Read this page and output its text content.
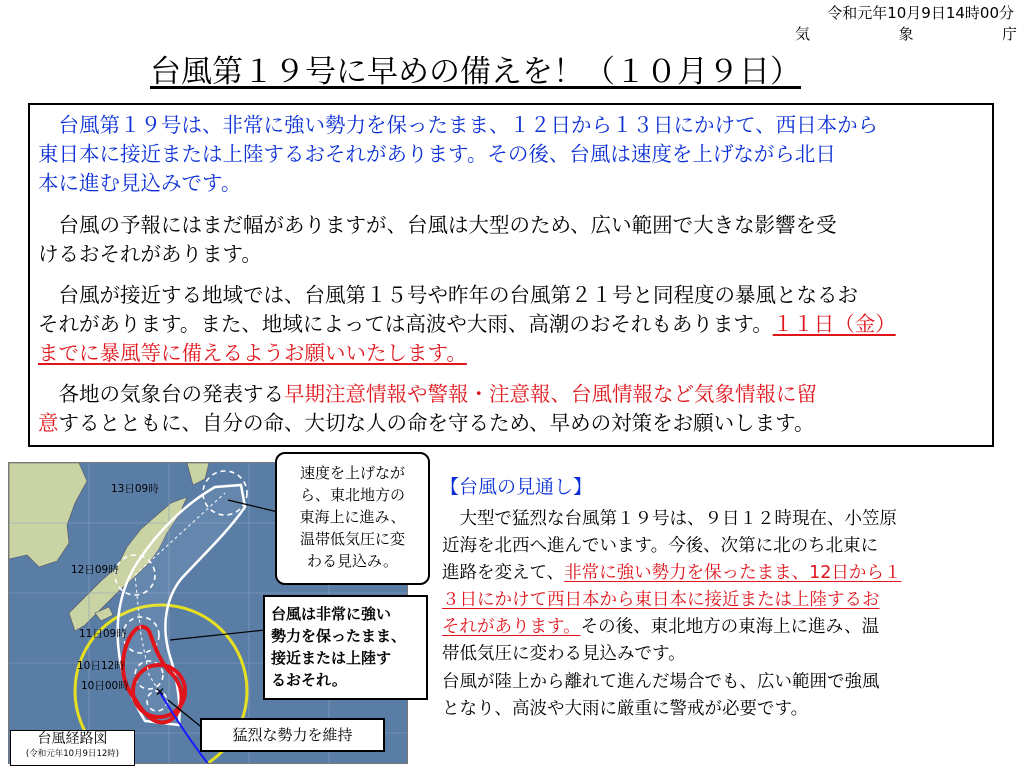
令和元年10月9日14時00分
気	象	庁
台風第１９号に早めの備えを！（１０月９日）
　台風第１９号は、非常に強い勢力を保ったまま、１２日から１３日にかけて、西日本から
東日本に接近または上陸するおそれがあります。その後、台風は速度を上げながら北日
本に進む見込みです。
　台風の予報にはまだ幅がありますが、台風は大型のため、広い範囲で大きな影響を受
けるおそれがあります。
　台風が接近する地域では、台風第１５号や昨年の台風第２１号と同程度の暴風となるお
それがあります。また、地域によっては高波や大雨、高潮のおそれもあります。１１日（金）
までに暴風等に備えるようお願いいたします。
　各地の気象台の発表する早期注意情報や警報・注意報、台風情報など気象情報に留
意するとともに、自分の命、大切な人の命を守るため、早めの対策をお願いします。
✕
13日09時
12日09時
11日09時
10日12時
10日00時
速度を上げなが
ら、東北地方の
東海上に進み、
温帯低気圧に変
わる見込み。
台風は非常に強い
勢力を保ったまま、
接近または上陸す
るおそれ。
猛烈な勢力を維持
台風経路図
(令和元年10月9日12時)
【台風の見通し】
　大型で猛烈な台風第１９号は、９日１２時現在、小笠原
近海を北西へ進んでいます。今後、次第に北のち北東に
進路を変えて、非常に強い勢力を保ったまま、12日から１
３日にかけて西日本から東日本に接近または上陸するお
それがあります。その後、東北地方の東海上に進み、温
帯低気圧に変わる見込みです。
台風が陸上から離れて進んだ場合でも、広い範囲で強風
となり、高波や大雨に厳重に警戒が必要です。
